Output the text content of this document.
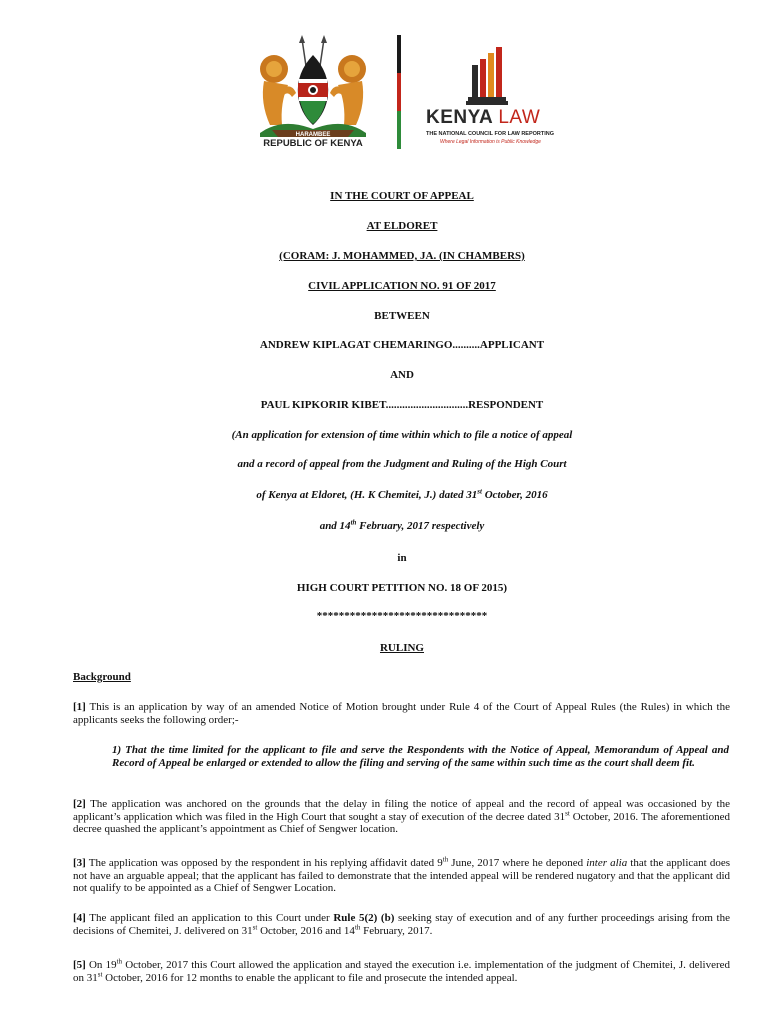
HARAMBEE
REPUBLIC OF KENYA
KENYA LAW
THE NATIONAL COUNCIL FOR LAW REPORTING
Where Legal Information is Public Knowledge
IN THE COURT OF APPEAL
AT ELDORET
(CORAM: J. MOHAMMED, JA. (IN CHAMBERS)
CIVIL APPLICATION NO. 91 OF 2017
BETWEEN
ANDREW KIPLAGAT CHEMARINGO..........APPLICANT
AND
PAUL KIPKORIR KIBET..............................RESPONDENT
(An application for extension of time within which to file a notice of appeal
and a record of appeal from the Judgment and Ruling of the High Court
of Kenya at Eldoret, (H. K Chemitei, J.) dated 31st October, 2016
and 14th February, 2017 respectively
in
HIGH COURT PETITION NO. 18 OF 2015)
*******************************
RULING
Background
[1] This is an application by way of an amended Notice of Motion brought under Rule 4 of the Court of Appeal Rules (the Rules) in which the applicants seeks the following order;-
1) That the time limited for the applicant to file and serve the Respondents with the Notice of Appeal, Memorandum of Appeal and Record of Appeal be enlarged or extended to allow the filing and serving of the same within such time as the court shall deem fit.
[2] The application was anchored on the grounds that the delay in filing the notice of appeal and the record of appeal was occasioned by the applicant’s application which was filed in the High Court that sought a stay of execution of the decree dated 31st October, 2016. The aforementioned decree quashed the applicant’s appointment as Chief of Sengwer location.
[3] The application was opposed by the respondent in his replying affidavit dated 9th June, 2017 where he deponed inter alia that the applicant does not have an arguable appeal; that the applicant has failed to demonstrate that the intended appeal will be rendered nugatory and that the applicant did not qualify to be appointed as a Chief of Sengwer Location.
[4] The applicant filed an application to this Court under Rule 5(2) (b) seeking stay of execution and of any further proceedings arising from the decisions of Chemitei, J. delivered on 31st October, 2016 and 14th February, 2017.
[5] On 19th October, 2017 this Court allowed the application and stayed the execution i.e. implementation of the judgment of Chemitei, J. delivered on 31st October, 2016 for 12 months to enable the applicant to file and prosecute the intended appeal.
